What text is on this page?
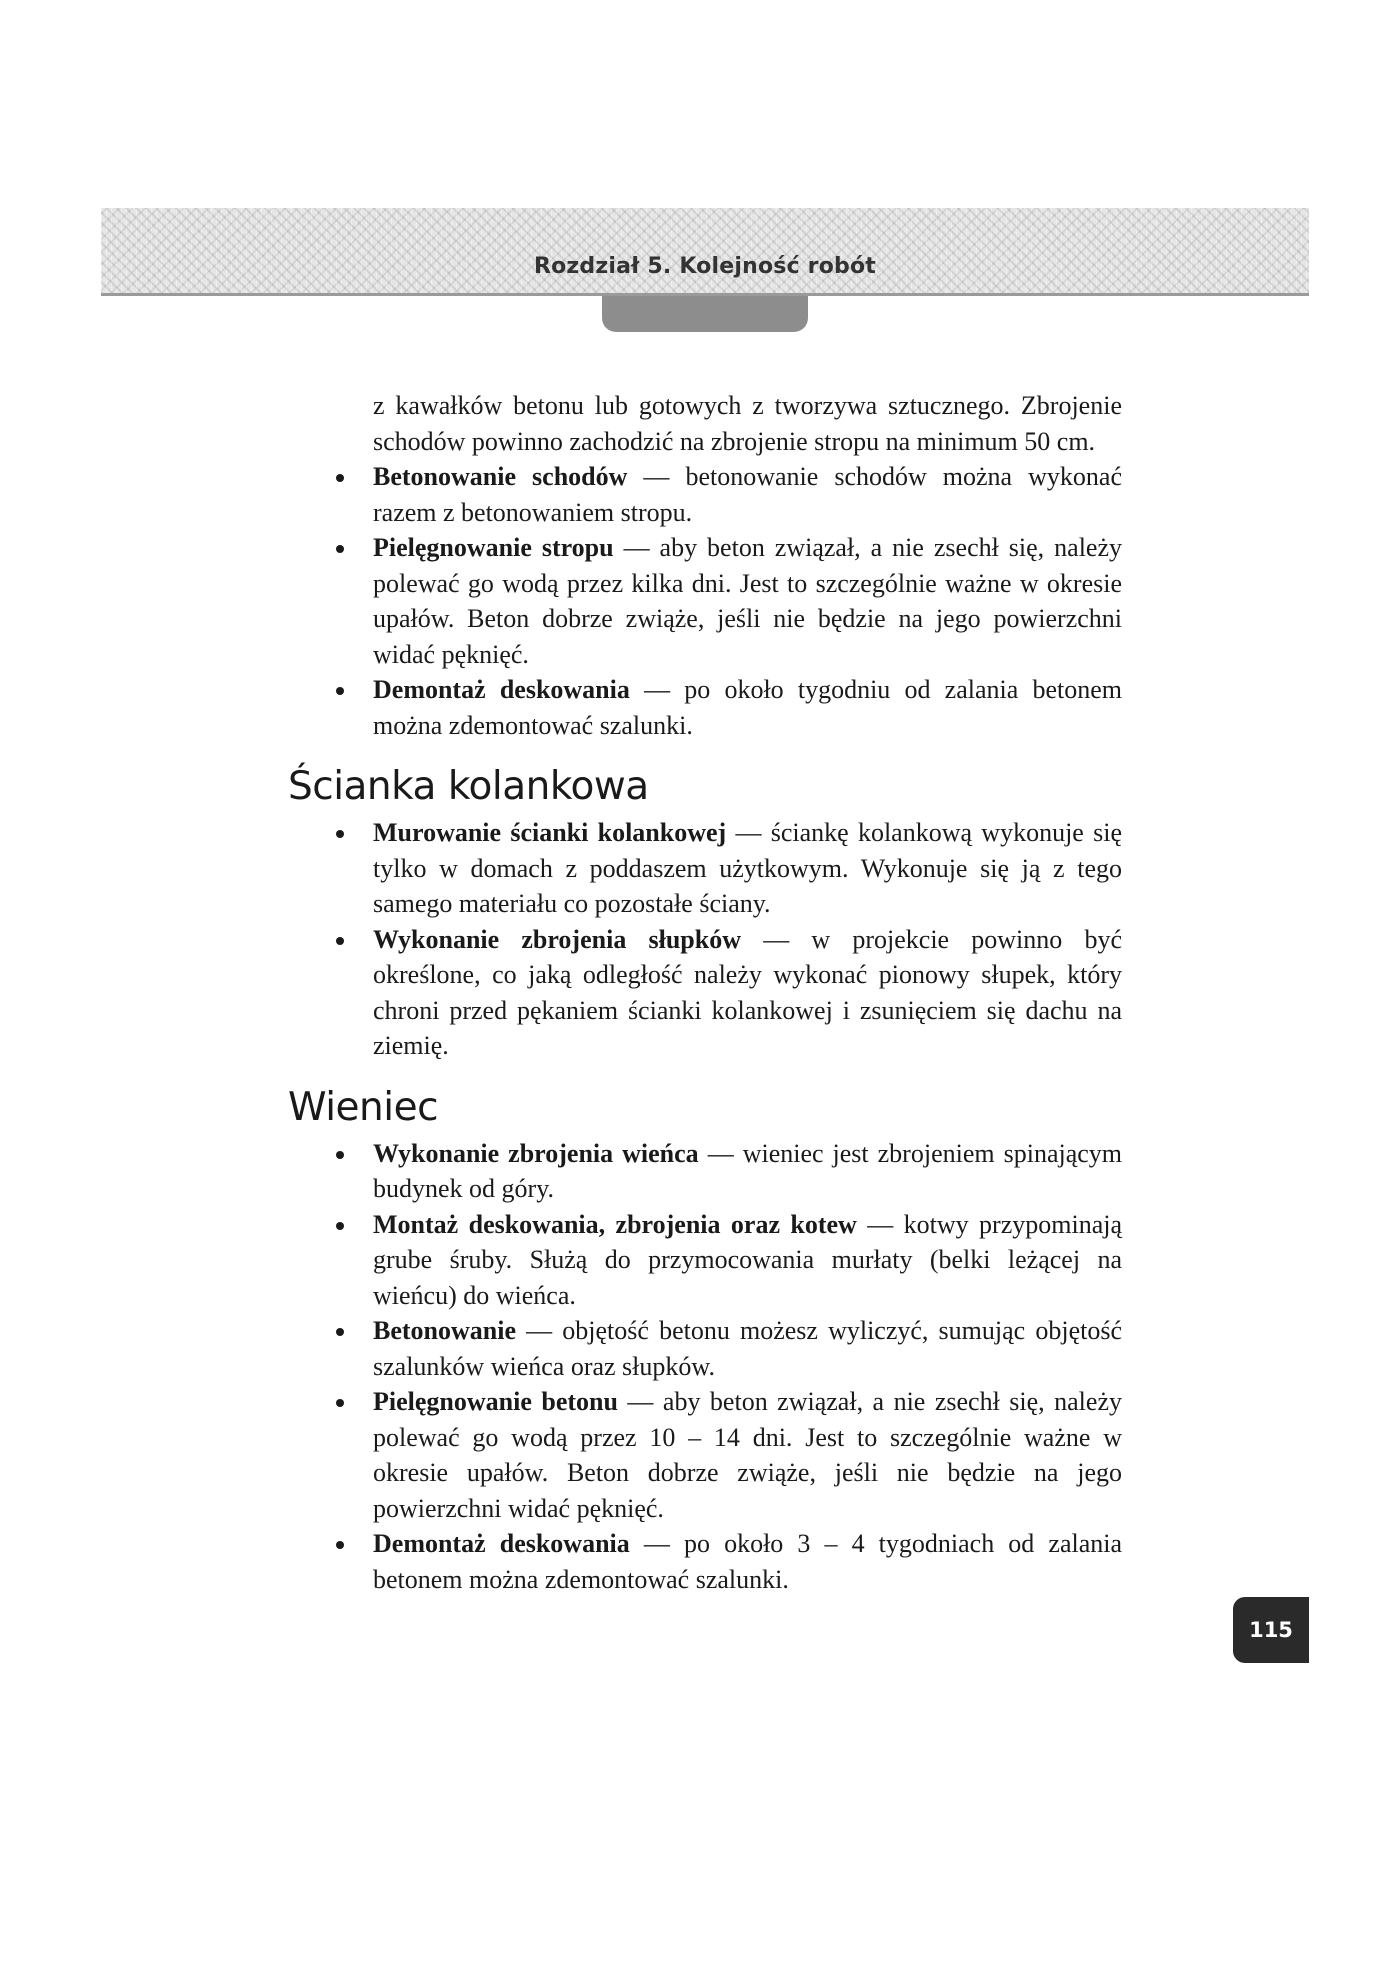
Rozdział 5. Kolejność robót

z kawałków betonu lub gotowych z tworzywa sztucznego. Zbrojenie schodów powinno zachodzić na zbrojenie stropu na minimum 50 cm.

Betonowanie schodów — betonowanie schodów można wykonać razem z betonowaniem stropu.
Pielęgnowanie stropu — aby beton związał, a nie zsechł się, należy polewać go wodą przez kilka dni. Jest to szczególnie ważne w okresie upałów. Beton dobrze zwiąże, jeśli nie będzie na jego powierzchni widać pęknięć.
Demontaż deskowania — po około tygodniu od zalania betonem można zdemontować szalunki.
Ścianka kolankowa
Murowanie ścianki kolankowej — ściankę kolankową wykonuje się tylko w domach z poddaszem użytkowym. Wykonuje się ją z tego samego materiału co pozostałe ściany.
Wykonanie zbrojenia słupków — w projekcie powinno być określone, co jaką odległość należy wykonać pionowy słupek, który chroni przed pękaniem ścianki kolankowej i zsunięciem się dachu na ziemię.
Wieniec
Wykonanie zbrojenia wieńca — wieniec jest zbrojeniem spinającym budynek od góry.
Montaż deskowania, zbrojenia oraz kotew — kotwy przypominają grube śruby. Służą do przymocowania murłaty (belki leżącej na wieńcu) do wieńca.
Betonowanie — objętość betonu możesz wyliczyć, sumując objętość szalunków wieńca oraz słupków.
Pielęgnowanie betonu — aby beton związał, a nie zsechł się, należy polewać go wodą przez 10 – 14 dni. Jest to szczególnie ważne w okresie upałów. Beton dobrze zwiąże, jeśli nie będzie na jego powierzchni widać pęknięć.
Demontaż deskowania — po około 3 – 4 tygodniach od zalania betonem można zdemontować szalunki.
115
